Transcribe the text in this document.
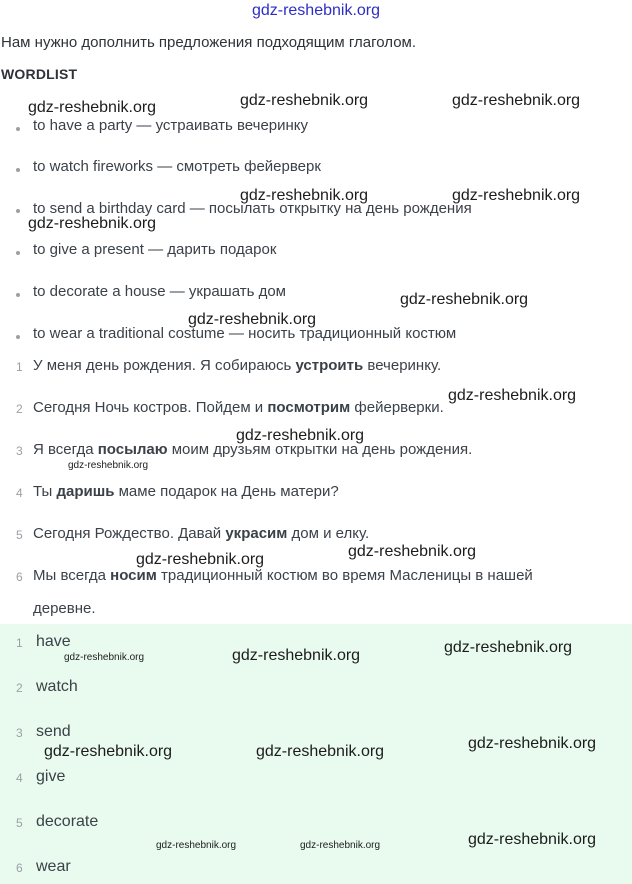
gdz-reshebnik.org
Нам нужно дополнить предложения подходящим глаголом.
WORDLIST
to have a party — устраивать вечеринку
to watch fireworks — смотреть фейерверк
to send a birthday card — посылать открытку на день рождения
to give a present — дарить подарок
to decorate a house — украшать дом
to wear a traditional costume — носить традиционный костюм
1 У меня день рождения. Я собираюсь устроить вечеринку.
2 Сегодня Ночь костров. Пойдем и посмотрим фейерверки.
3 Я всегда посылаю моим друзьям открытки на день рождения.
4 Ты даришь маме подарок на День матери?
5 Сегодня Рождество. Давай украсим дом и елку.
6 Мы всегда носим традиционный костюм во время Масленицы в нашей
деревне.
1 have
2 watch
3 send
4 give
5 decorate
6 wear
gdz-reshebnik.org	gdz-reshebnik.org	gdz-reshebnik.org
gdz-reshebnik.org	gdz-reshebnik.org
gdz-reshebnik.org
gdz-reshebnik.org
gdz-reshebnik.org
gdz-reshebnik.org
gdz-reshebnik.org
gdz-reshebnik.org
gdz-reshebnik.org
gdz-reshebnik.org
gdz-reshebnik.org
gdz-reshebnik.org	gdz-reshebnik.org
gdz-reshebnik.org
gdz-reshebnik.org	gdz-reshebnik.org
gdz-reshebnik.org
gdz-reshebnik.org	gdz-reshebnik.org
